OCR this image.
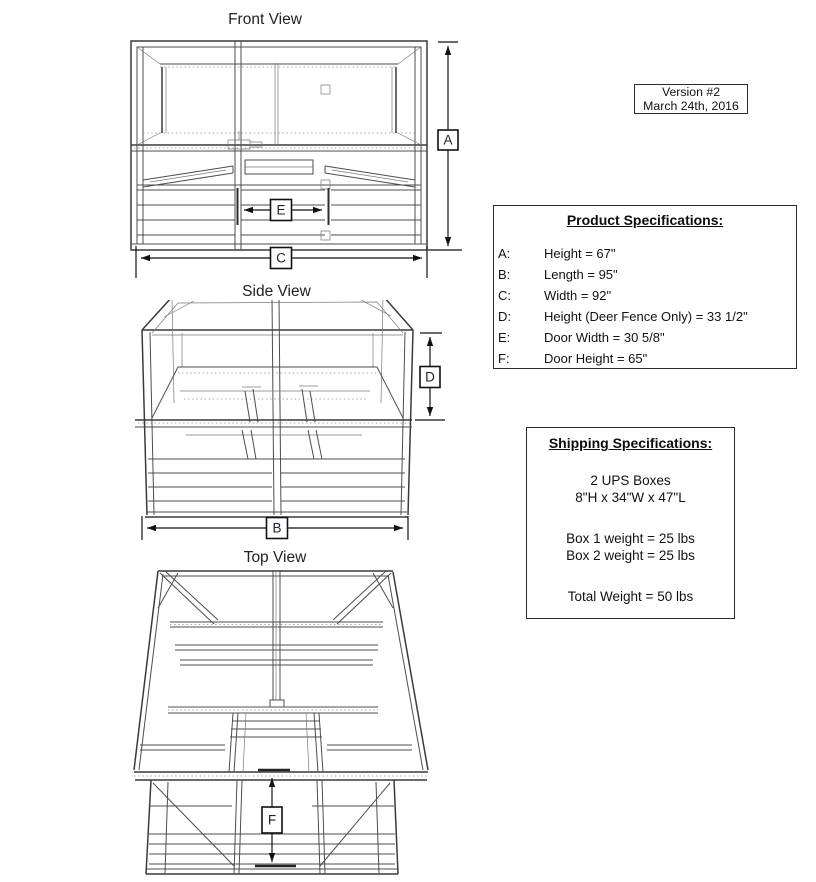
Front View
A
C
E
Side View
D
B
Top View
F
Version #2
March 24th, 2016
Product Specifications:
A:	Height = 67"
B:	Length = 95"
C:	Width = 92"
D:	Height (Deer Fence Only) = 33 1/2"
E:	Door Width = 30 5/8"
F:	Door Height = 65"
Shipping Specifications:
2 UPS Boxes
8"H x 34"W x 47"L
Box 1 weight = 25 lbs
Box 2 weight = 25 lbs
Total Weight = 50 lbs
